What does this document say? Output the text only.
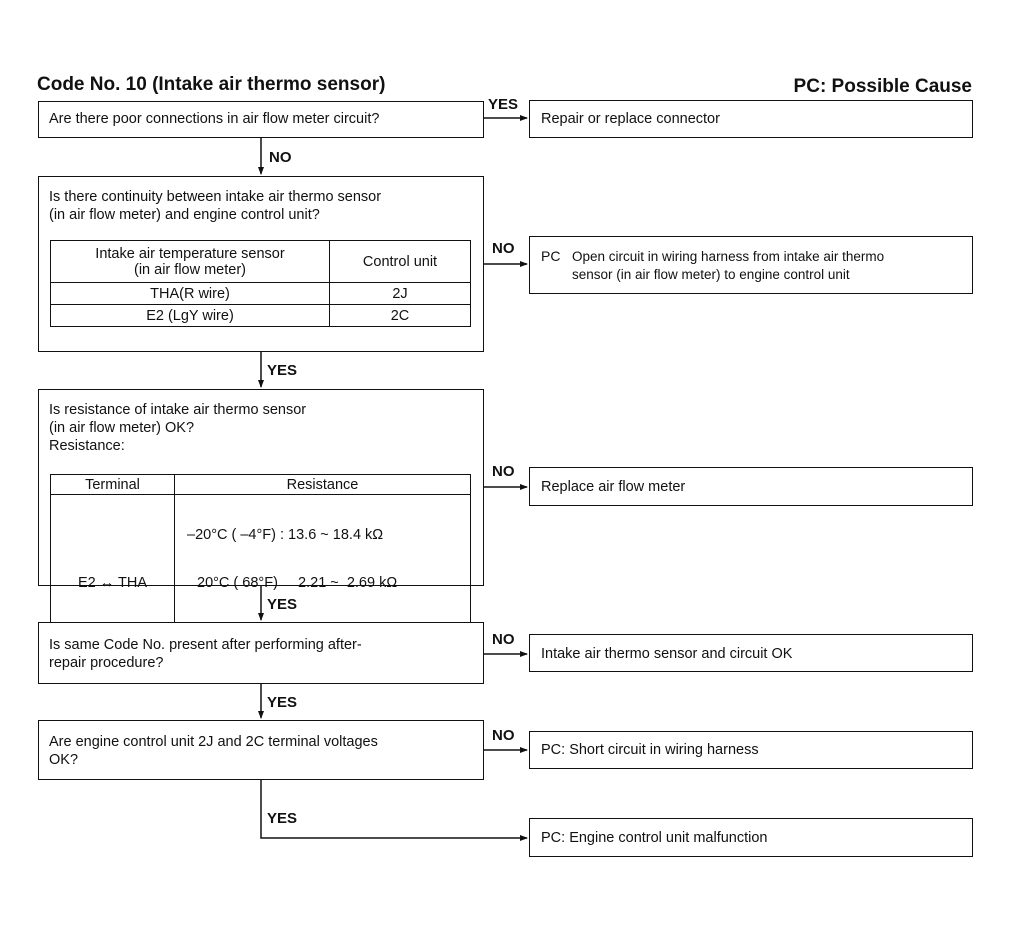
Code No. 10 (Intake air thermo sensor)	PC: Possible Cause
Are there poor connections in air flow meter circuit?
Is there continuity between intake air thermo sensor
(in air flow meter) and engine control unit?
Intake air temperature sensor
(in air flow meter)	Control unit
THA(R wire)	2J
E2 (LgY wire)	2C
Is resistance of intake air thermo sensor
(in air flow meter) OK?
Resistance:
Terminal	Resistance
E2 ↔ THA	–20°C ( –4°F) : 13.6 ~ 18.4 kΩ

20°C ( 68°F)     2.21 ~  2.69 kΩ

Is same Code No. present after performing after-
repair procedure?
Are engine control unit 2J and 2C terminal voltages
OK?
Repair or replace connector
PC Open circuit in wiring harness from intake air thermo
sensor (in air flow meter) to engine control unit
Replace air flow meter
Intake air thermo sensor and circuit OK
PC: Short circuit in wiring harness
PC: Engine control unit malfunction
YES
NO
NO
YES
NO
YES
NO
YES
NO
YES
